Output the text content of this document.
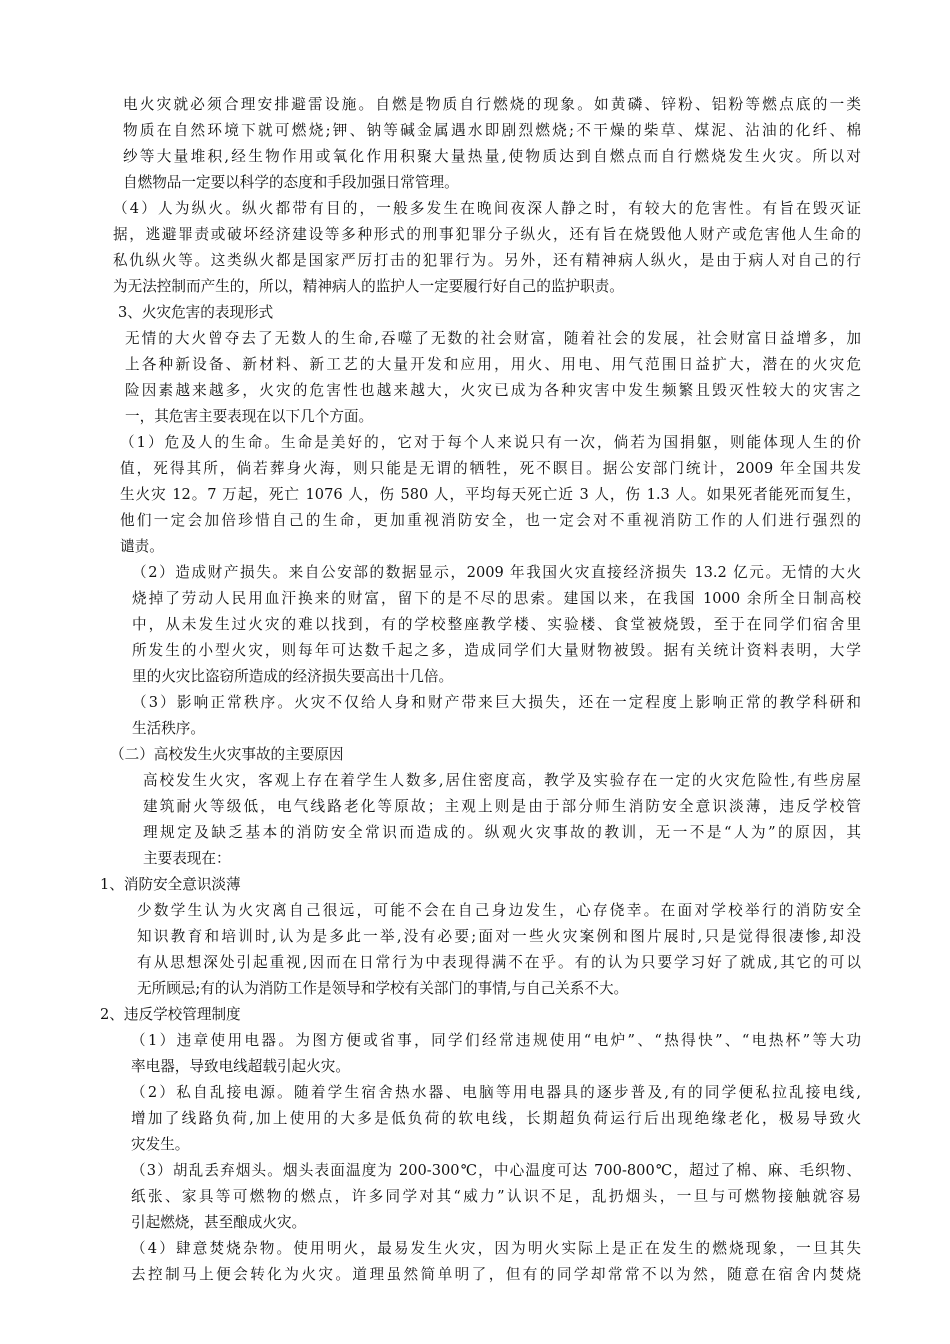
电火灾就必须合理安排避雷设施。自燃是物质自行燃烧的现象。如黄磷、锌粉、铝粉等燃点底的一类
物质在自然环境下就可燃烧;钾、钠等碱金属遇水即剧烈燃烧;不干燥的柴草、煤泥、沾油的化纤、棉
纱等大量堆积,经生物作用或氧化作用积聚大量热量,使物质达到自燃点而自行燃烧发生火灾。所以对
自燃物品一定要以科学的态度和手段加强日常管理。
（4）人为纵火。纵火都带有目的，一般多发生在晚间夜深人静之时，有较大的危害性。有旨在毁灭证
据，逃避罪责或破坏经济建设等多种形式的刑事犯罪分子纵火，还有旨在烧毁他人财产或危害他人生命的
私仇纵火等。这类纵火都是国家严厉打击的犯罪行为。另外，还有精神病人纵火，是由于病人对自己的行
为无法控制而产生的，所以，精神病人的监护人一定要履行好自己的监护职责。
3、火灾危害的表现形式
无情的大火曾夺去了无数人的生命,吞噬了无数的社会财富，随着社会的发展，社会财富日益增多，加
上各种新设备、新材料、新工艺的大量开发和应用，用火、用电、用气范围日益扩大，潜在的火灾危
险因素越来越多，火灾的危害性也越来越大，火灾已成为各种灾害中发生频繁且毁灭性较大的灾害之
一，其危害主要表现在以下几个方面。
（1）危及人的生命。生命是美好的，它对于每个人来说只有一次，倘若为国捐躯，则能体现人生的价
值，死得其所，倘若葬身火海，则只能是无谓的牺牲，死不瞑目。据公安部门统计，2009 年全国共发
生火灾 12。7 万起，死亡 1076 人，伤 580 人，平均每天死亡近 3 人，伤 1.3 人。如果死者能死而复生，
他们一定会加倍珍惜自己的生命，更加重视消防安全，也一定会对不重视消防工作的人们进行强烈的
谴责。
（2）造成财产损失。来自公安部的数据显示，2009 年我国火灾直接经济损失 13.2 亿元。无情的大火
烧掉了劳动人民用血汗换来的财富，留下的是不尽的思索。建国以来，在我国 1000 余所全日制高校
中，从未发生过火灾的难以找到，有的学校整座教学楼、实验楼、食堂被烧毁，至于在同学们宿舍里
所发生的小型火灾，则每年可达数千起之多，造成同学们大量财物被毁。据有关统计资料表明，大学
里的火灾比盗窃所造成的经济损失要高出十几倍。
（3）影响正常秩序。火灾不仅给人身和财产带来巨大损失，还在一定程度上影响正常的教学科研和
生活秩序。
（二）高校发生火灾事故的主要原因
高校发生火灾，客观上存在着学生人数多,居住密度高，教学及实验存在一定的火灾危险性,有些房屋
建筑耐火等级低，电气线路老化等原故；主观上则是由于部分师生消防安全意识淡薄，违反学校管
理规定及缺乏基本的消防安全常识而造成的。纵观火灾事故的教训，无一不是“人为”的原因，其
主要表现在：
1、消防安全意识淡薄
少数学生认为火灾离自己很远，可能不会在自己身边发生，心存侥幸。在面对学校举行的消防安全
知识教育和培训时,认为是多此一举,没有必要;面对一些火灾案例和图片展时,只是觉得很凄惨,却没
有从思想深处引起重视,因而在日常行为中表现得满不在乎。有的认为只要学习好了就成,其它的可以
无所顾忌;有的认为消防工作是领导和学校有关部门的事情,与自己关系不大。
2、违反学校管理制度
（1）违章使用电器。为图方便或省事，同学们经常违规使用“电炉”、“热得快”、“电热杯”等大功
率电器，导致电线超载引起火灾。
（2）私自乱接电源。随着学生宿舍热水器、电脑等用电器具的逐步普及,有的同学便私拉乱接电线,
增加了线路负荷,加上使用的大多是低负荷的软电线，长期超负荷运行后出现绝缘老化，极易导致火
灾发生。
（3）胡乱丢弃烟头。烟头表面温度为 200-300℃，中心温度可达 700-800℃，超过了棉、麻、毛织物、
纸张、家具等可燃物的燃点，许多同学对其“威力”认识不足，乱扔烟头，一旦与可燃物接触就容易
引起燃烧，甚至酿成火灾。
（4）肆意焚烧杂物。使用明火，最易发生火灾，因为明火实际上是正在发生的燃烧现象，一旦其失
去控制马上便会转化为火灾。道理虽然简单明了，但有的同学却常常不以为然，随意在宿舍内焚烧
